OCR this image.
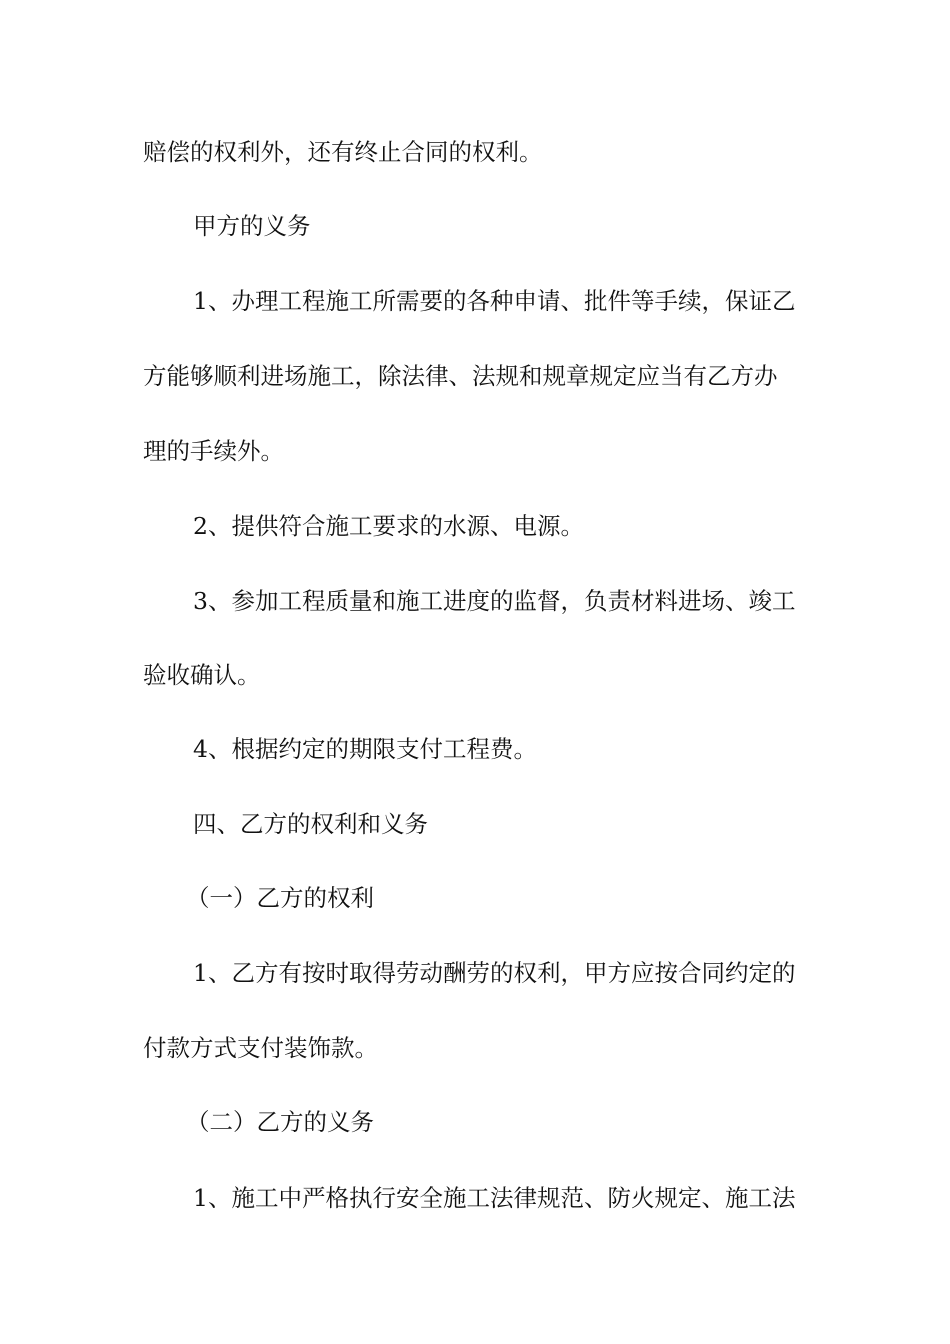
赔偿的权利外，还有终止合同的权利。

甲方的义务

1、办理工程施工所需要的各种申请、批件等手续，保证乙

方能够顺利进场施工，除法律、法规和规章规定应当有乙方办

理的手续外。

2、提供符合施工要求的水源、电源。

3、参加工程质量和施工进度的监督，负责材料进场、竣工

验收确认。

4、根据约定的期限支付工程费。

四、乙方的权利和义务

（一）乙方的权利

1、乙方有按时取得劳动酬劳的权利，甲方应按合同约定的

付款方式支付装饰款。

（二）乙方的义务

1、施工中严格执行安全施工法律规范、防火规定、施工法
